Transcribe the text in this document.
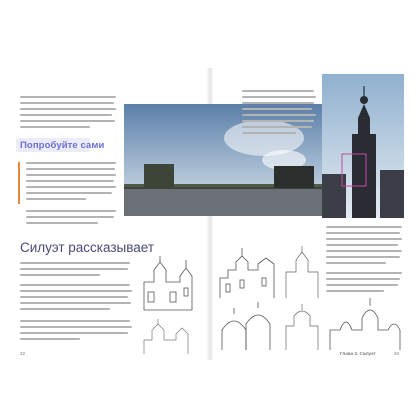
Попробуйте сами
Силуэт рассказывает
32	Глава 2. Силуэт	33
